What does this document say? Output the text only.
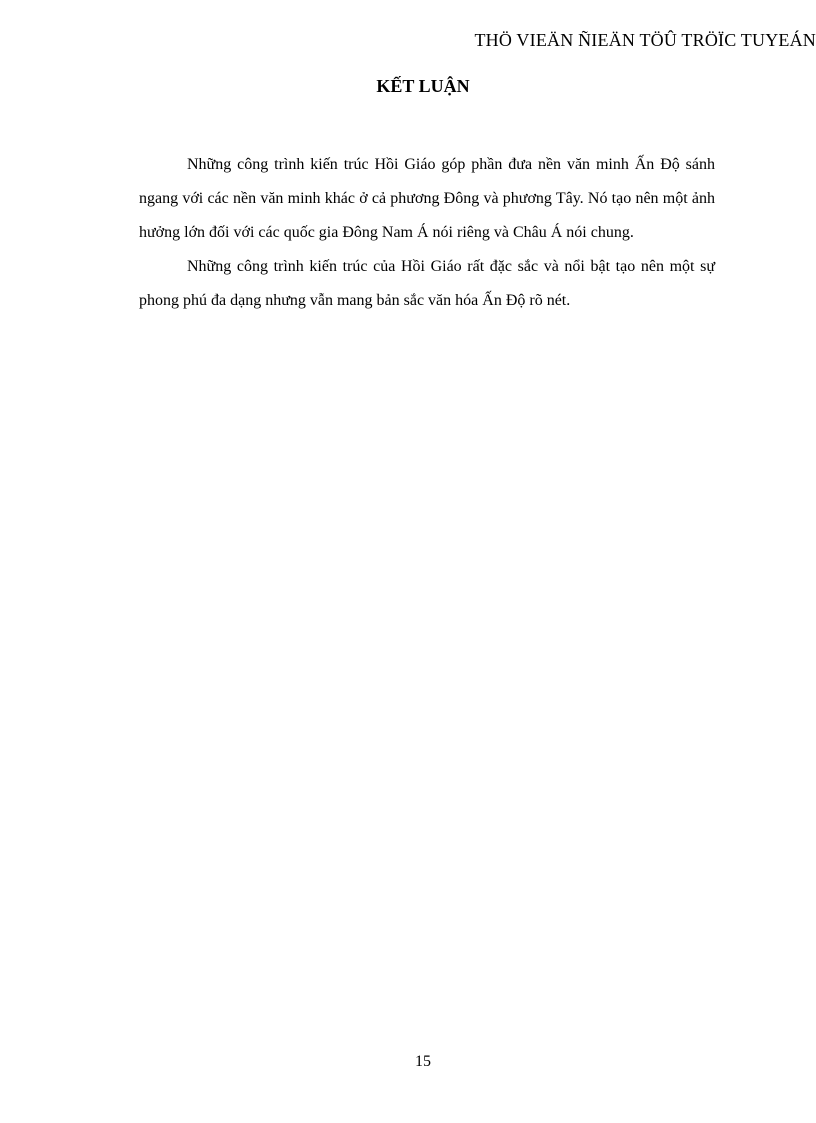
THÖ VIEÄN ÑIEÄN TÖÛ TRÖÏC TUYEÁN
KẾT LUẬN

Những công trình kiến trúc Hồi Giáo góp phần đưa nền văn minh Ấn Độ sánh ngang với các nền văn minh khác ở cả phương Đông và phương Tây. Nó tạo nên một ảnh hưởng lớn đối với các quốc gia Đông Nam Á nói riêng và Châu Á nói chung.

Những công trình kiến trúc của Hồi Giáo rất đặc sắc và nổi bật tạo nên một sự phong phú đa dạng nhưng vẫn mang bản sắc văn hóa Ấn Độ rõ nét.

15
